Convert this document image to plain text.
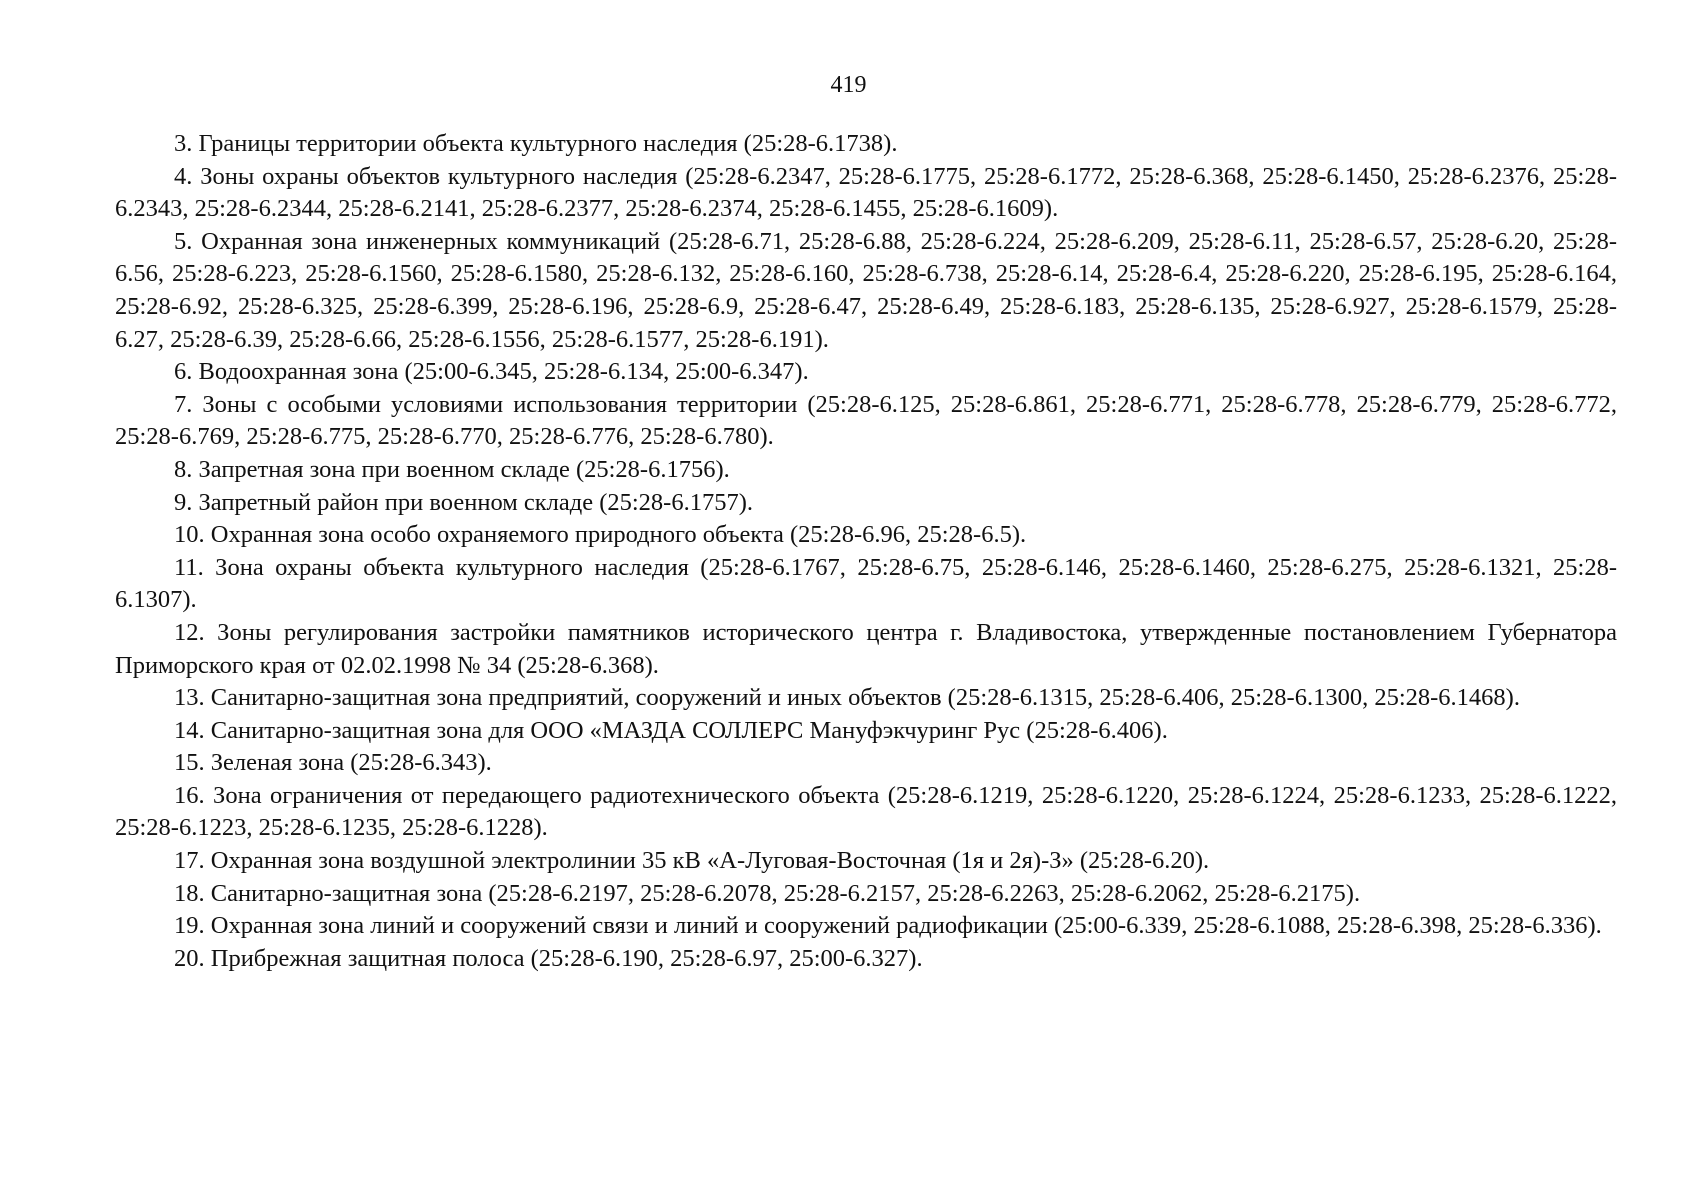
419

3. Границы территории объекта культурного наследия (25:28-6.1738).

4. Зоны охраны объектов культурного наследия (25:28-6.2347, 25:28-6.1775, 25:28-6.1772, 25:28-6.368, 25:28-6.1450, 25:28-6.2376, 25:28-6.2343, 25:28-6.2344, 25:28-6.2141, 25:28-6.2377, 25:28-6.2374, 25:28-6.1455, 25:28-6.1609).

5. Охранная зона инженерных коммуникаций (25:28-6.71, 25:28-6.88, 25:28-6.224, 25:28-6.209, 25:28-6.11, 25:28-6.57, 25:28-6.20, 25:28-6.56, 25:28-6.223, 25:28-6.1560, 25:28-6.1580, 25:28-6.132, 25:28-6.160, 25:28-6.738, 25:28-6.14, 25:28-6.4, 25:28-6.220, 25:28-6.195, 25:28-6.164, 25:28-6.92, 25:28-6.325, 25:28-6.399, 25:28-6.196, 25:28-6.9, 25:28-6.47, 25:28-6.49, 25:28-6.183, 25:28-6.135, 25:28-6.927, 25:28-6.1579, 25:28-6.27, 25:28-6.39, 25:28-6.66, 25:28-6.1556, 25:28-6.1577, 25:28-6.191).

6. Водоохранная зона (25:00-6.345, 25:28-6.134, 25:00-6.347).

7. Зоны с особыми условиями использования территории (25:28-6.125, 25:28-6.861, 25:28-6.771, 25:28-6.778, 25:28-6.779, 25:28-6.772, 25:28-6.769, 25:28-6.775, 25:28-6.770, 25:28-6.776, 25:28-6.780).

8. Запретная зона при военном складе (25:28-6.1756).

9. Запретный район при военном складе (25:28-6.1757).

10. Охранная зона особо охраняемого природного объекта (25:28-6.96, 25:28-6.5).

11. Зона охраны объекта культурного наследия (25:28-6.1767, 25:28-6.75, 25:28-6.146, 25:28-6.1460, 25:28-6.275, 25:28-6.1321, 25:28-6.1307).

12. Зоны регулирования застройки памятников исторического центра г. Владивостока, утвержденные постановлением Губернатора Приморского края от 02.02.1998 № 34 (25:28-6.368).

13. Санитарно-защитная зона предприятий, сооружений и иных объектов (25:28-6.1315, 25:28-6.406, 25:28-6.1300, 25:28-6.1468).

14. Санитарно-защитная зона для ООО «МАЗДА СОЛЛЕРС Мануфэкчуринг Рус (25:28-6.406).

15. Зеленая зона (25:28-6.343).

16. Зона ограничения от передающего радиотехнического объекта (25:28-6.1219, 25:28-6.1220, 25:28-6.1224, 25:28-6.1233, 25:28-6.1222, 25:28-6.1223, 25:28-6.1235, 25:28-6.1228).

17. Охранная зона воздушной электролинии 35 кВ «А-Луговая-Восточная (1я и 2я)-З» (25:28-6.20).

18. Санитарно-защитная зона (25:28-6.2197, 25:28-6.2078, 25:28-6.2157, 25:28-6.2263, 25:28-6.2062, 25:28-6.2175).

19. Охранная зона линий и сооружений связи и линий и сооружений радиофикации (25:00-6.339, 25:28-6.1088, 25:28-6.398, 25:28-6.336).

20. Прибрежная защитная полоса (25:28-6.190, 25:28-6.97, 25:00-6.327).
